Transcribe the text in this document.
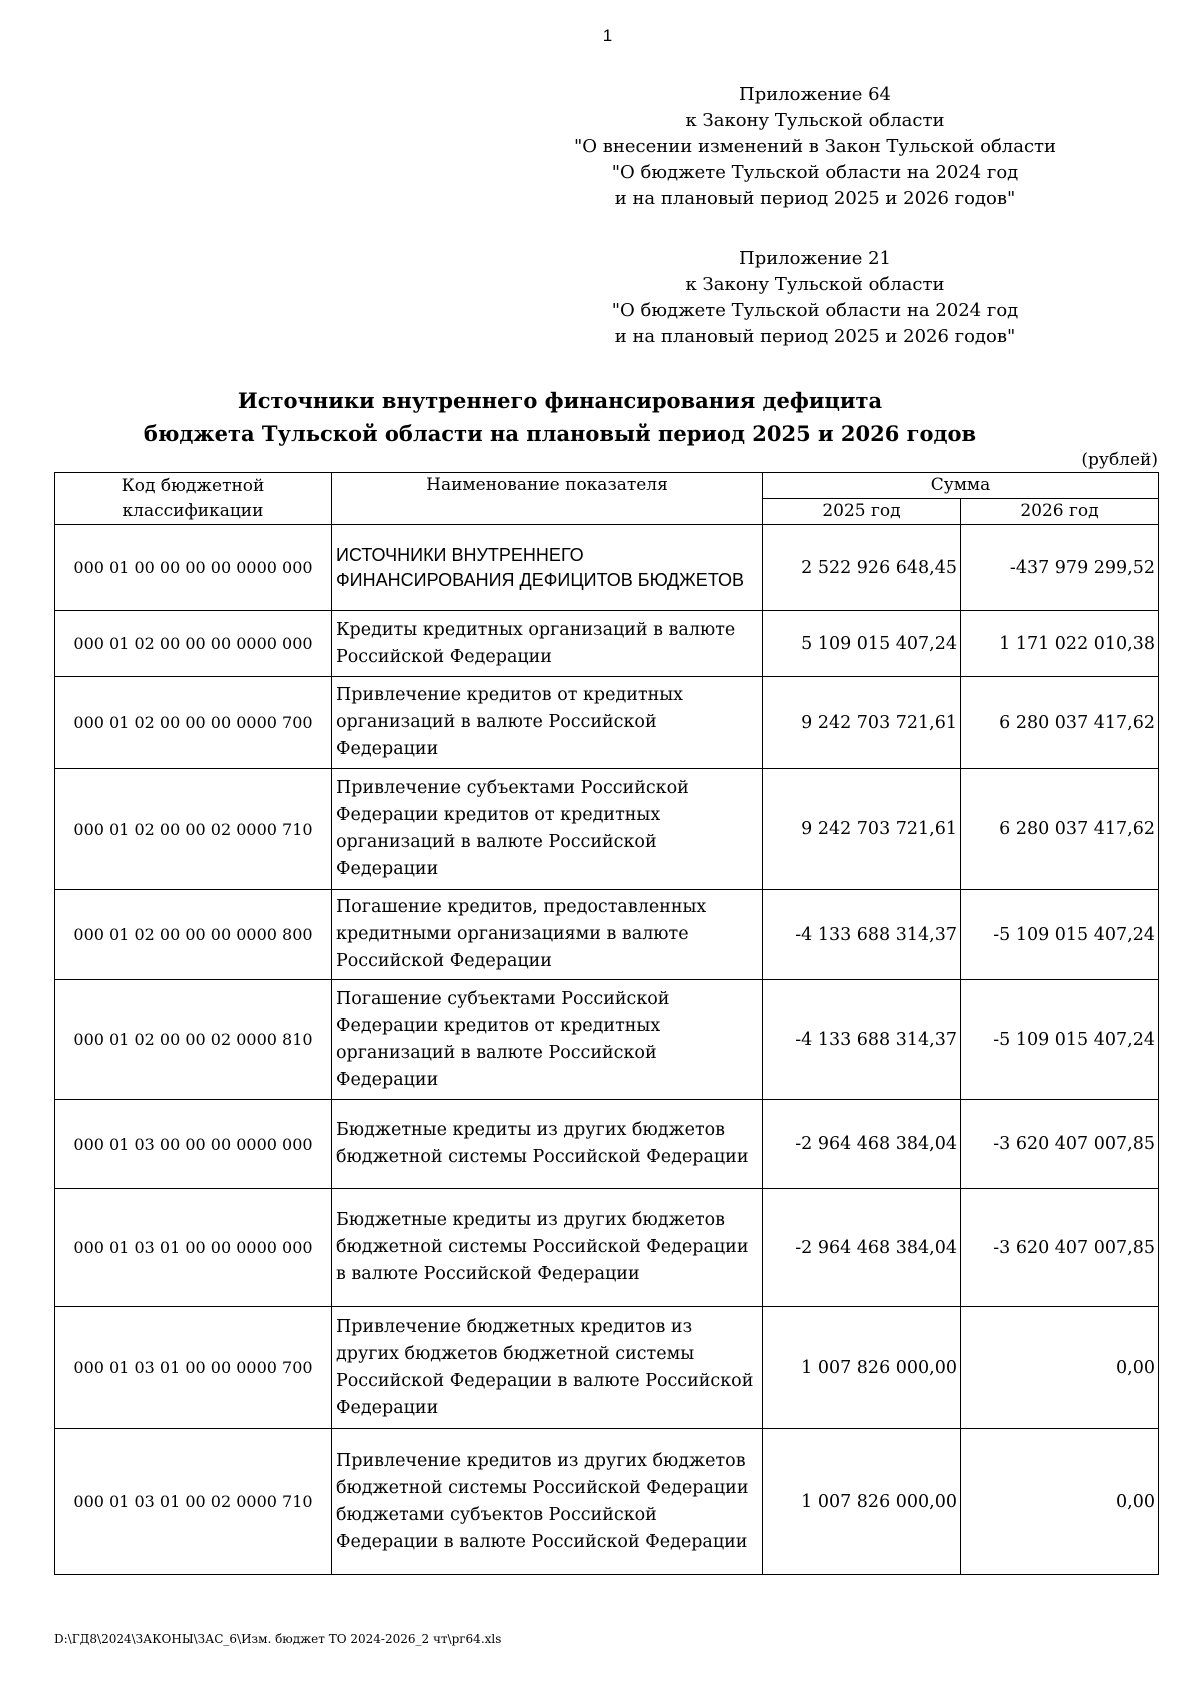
1
Приложение 64
к Закону Тульской области
"О внесении изменений в Закон Тульской области
"О бюджете Тульской области на 2024 год
и на плановый период 2025 и 2026 годов"
Приложение 21
к Закону Тульской области
"О бюджете Тульской области на 2024 год
и на плановый период 2025 и 2026 годов"
Источники внутреннего финансирования дефицита
бюджета Тульской области на плановый период 2025 и 2026 годов
(рублей)
Код бюджетной классификации	Наименование показателя	Сумма	
		2025 год	2026 год
000 01 00 00 00 00 0000 000	ИСТОЧНИКИ ВНУТРЕННЕГО ФИНАНСИРОВАНИЯ ДЕФИЦИТОВ БЮДЖЕТОВ	2 522 926 648,45	-437 979 299,52
000 01 02 00 00 00 0000 000	Кредиты кредитных организаций в валюте Российской Федерации	5 109 015 407,24	1 171 022 010,38
000 01 02 00 00 00 0000 700	Привлечение кредитов от кредитных организаций в валюте Российской Федерации	9 242 703 721,61	6 280 037 417,62
000 01 02 00 00 02 0000 710	Привлечение субъектами Российской Федерации кредитов от кредитных организаций в валюте Российской Федерации	9 242 703 721,61	6 280 037 417,62
000 01 02 00 00 00 0000 800	Погашение кредитов, предоставленных кредитными организациями в валюте Российской Федерации	-4 133 688 314,37	-5 109 015 407,24
000 01 02 00 00 02 0000 810	Погашение субъектами Российской Федерации кредитов от кредитных организаций в валюте Российской Федерации	-4 133 688 314,37	-5 109 015 407,24
000 01 03 00 00 00 0000 000	Бюджетные кредиты из других бюджетов бюджетной системы Российской Федерации	-2 964 468 384,04	-3 620 407 007,85
000 01 03 01 00 00 0000 000	Бюджетные кредиты из других бюджетов бюджетной системы Российской Федерации в валюте Российской Федерации	-2 964 468 384,04	-3 620 407 007,85
000 01 03 01 00 00 0000 700	Привлечение бюджетных кредитов из других бюджетов бюджетной системы Российской Федерации в валюте Российской Федерации	1 007 826 000,00	0,00
000 01 03 01 00 02 0000 710	Привлечение кредитов из других бюджетов бюджетной системы Российской Федерации бюджетами субъектов Российской Федерации в валюте Российской Федерации	1 007 826 000,00	0,00
D:\ГД8\2024\ЗАКОНЫ\ЗАС_6\Изм. бюджет ТО 2024-2026_2 чт\рг64.xls
